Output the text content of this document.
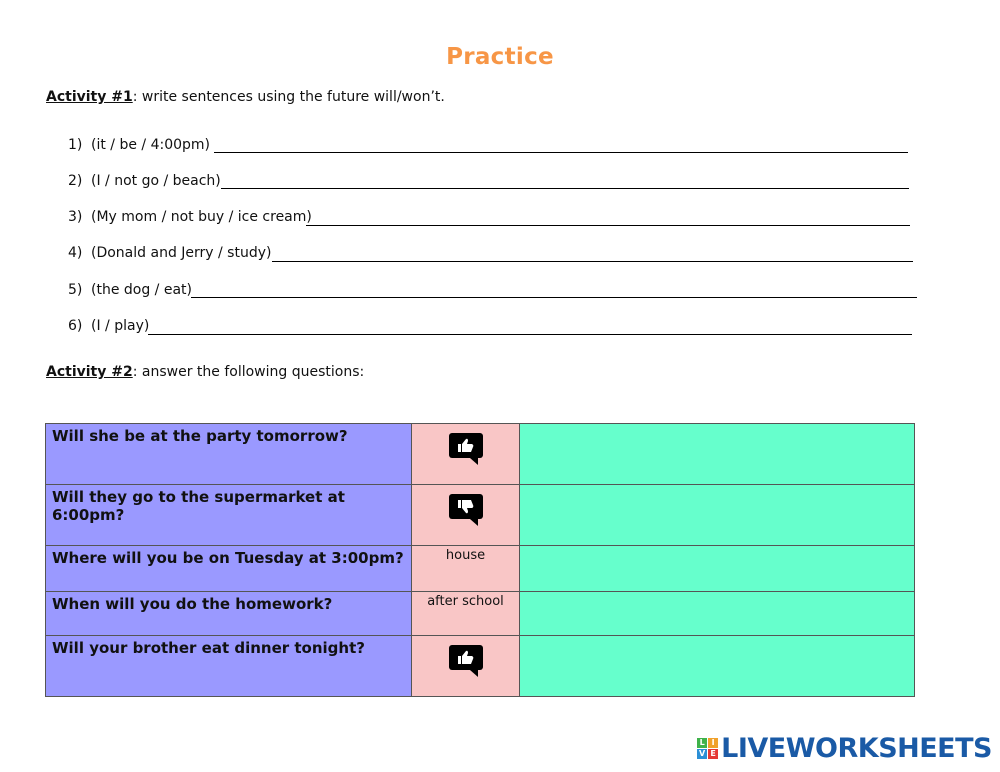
Practice
Activity #1: write sentences using the future will/won’t.
1) (it / be / 4:00pm)
2) (I / not go / beach)
3) (My mom / not buy / ice cream)
4) (Donald and Jerry / study)
5) (the dog / eat)
6) (I / play)
Activity #2: answer the following questions:
Will she be at the party tomorrow?		
Will they go to the supermarket at 6:00pm?		
Where will you be on Tuesday at 3:00pm?	house	

When will you do the homework?	after school	

Will your brother eat dinner tonight?		
L I
V E LIVEWORKSHEETS
